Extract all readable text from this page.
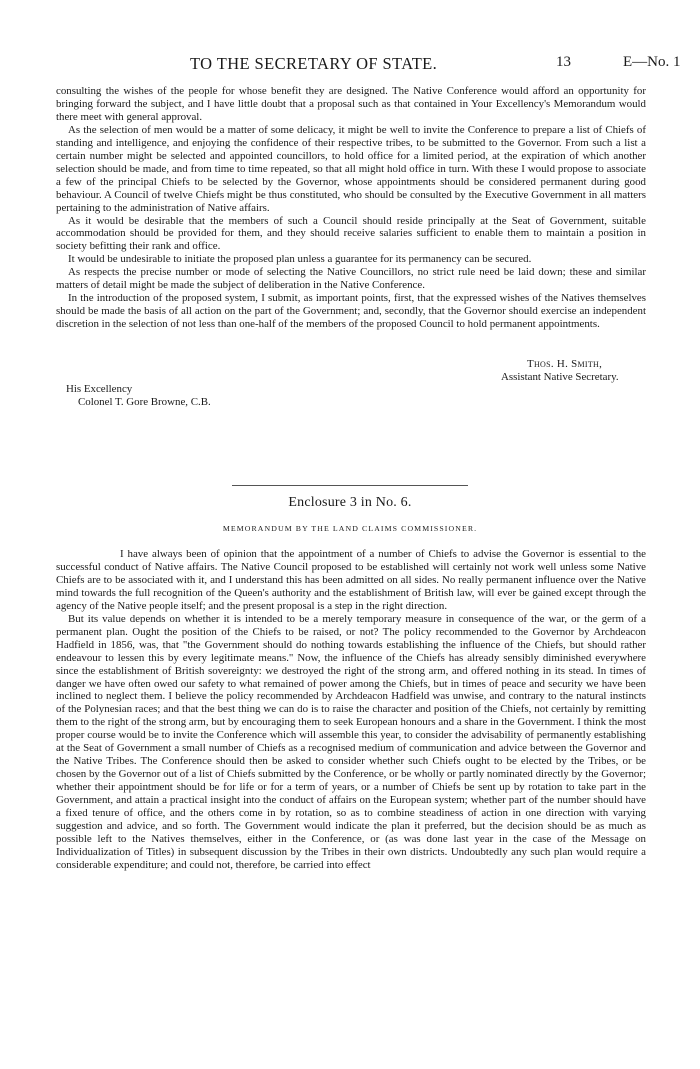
TO THE SECRETARY OF STATE.	13	E—No. 1

consulting the wishes of the people for whose benefit they are designed. The Native Conference would afford an opportunity for bringing forward the subject, and I have little doubt that a proposal such as that contained in Your Excellency's Memorandum would there meet with general approval.

As the selection of men would be a matter of some delicacy, it might be well to invite the Conference to prepare a list of Chiefs of standing and intelligence, and enjoying the confidence of their respective tribes, to be submitted to the Governor. From such a list a certain number might be selected and appointed councillors, to hold office for a limited period, at the expiration of which another selection should be made, and from time to time repeated, so that all might hold office in turn. With these I would propose to associate a few of the principal Chiefs to be selected by the Governor, whose appointments should be considered permanent during good behaviour. A Council of twelve Chiefs might be thus constituted, who should be consulted by the Executive Government in all matters pertaining to the administration of Native affairs.

As it would be desirable that the members of such a Council should reside principally at the Seat of Government, suitable accommodation should be provided for them, and they should receive salaries sufficient to enable them to maintain a position in society befitting their rank and office.

It would be undesirable to initiate the proposed plan unless a guarantee for its permanency can be secured.

As respects the precise number or mode of selecting the Native Councillors, no strict rule need be laid down; these and similar matters of detail might be made the subject of deliberation in the Native Conference.

In the introduction of the proposed system, I submit, as important points, first, that the expressed wishes of the Natives themselves should be made the basis of all action on the part of the Government; and, secondly, that the Governor should exercise an independent discretion in the selection of not less than one-half of the members of the proposed Council to hold permanent appointments.

Thos. H. Smith,
Assistant Native Secretary.
His Excellency
Colonel T. Gore Browne, C.B.
Enclosure 3 in No. 6.
MEMORANDUM BY THE LAND CLAIMS COMMISSIONER.

I have always been of opinion that the appointment of a number of Chiefs to advise the Governor is essential to the successful conduct of Native affairs. The Native Council proposed to be established will certainly not work well unless some Native Chiefs are to be associated with it, and I understand this has been admitted on all sides. No really permanent influence over the Native mind towards the full recognition of the Queen's authority and the establishment of British law, will ever be gained except through the agency of the Native people itself; and the present proposal is a step in the right direction.

But its value depends on whether it is intended to be a merely temporary measure in consequence of the war, or the germ of a permanent plan. Ought the position of the Chiefs to be raised, or not? The policy recommended to the Governor by Archdeacon Hadfield in 1856, was, that "the Government should do nothing towards establishing the influence of the Chiefs, but should rather endeavour to lessen this by every legitimate means." Now, the influence of the Chiefs has already sensibly diminished everywhere since the establishment of British sovereignty: we destroyed the right of the strong arm, and offered nothing in its stead. In times of danger we have often owed our safety to what remained of power among the Chiefs, but in times of peace and security we have been inclined to neglect them. I believe the policy recommended by Archdeacon Hadfield was unwise, and contrary to the natural instincts of the Polynesian races; and that the best thing we can do is to raise the character and position of the Chiefs, not certainly by remitting them to the right of the strong arm, but by encouraging them to seek European honours and a share in the Government. I think the most proper course would be to invite the Conference which will assemble this year, to consider the advisability of permanently establishing at the Seat of Government a small number of Chiefs as a recognised medium of communication and advice between the Governor and the Native Tribes. The Conference should then be asked to consider whether such Chiefs ought to be elected by the Tribes, or be chosen by the Governor out of a list of Chiefs submitted by the Conference, or be wholly or partly nominated directly by the Governor; whether their appointment should be for life or for a term of years, or a number of Chiefs be sent up by rotation to take part in the Government, and attain a practical insight into the conduct of affairs on the European system; whether part of the number should have a fixed tenure of office, and the others come in by rotation, so as to combine steadiness of action in one direction with varying suggestion and advice, and so forth. The Government would indicate the plan it preferred, but the decision should be as much as possible left to the Natives themselves, either in the Conference, or (as was done last year in the case of the Message on Individualization of Titles) in subsequent discussion by the Tribes in their own districts. Undoubtedly any such plan would require a considerable expenditure; and could not, therefore, be carried into effect
